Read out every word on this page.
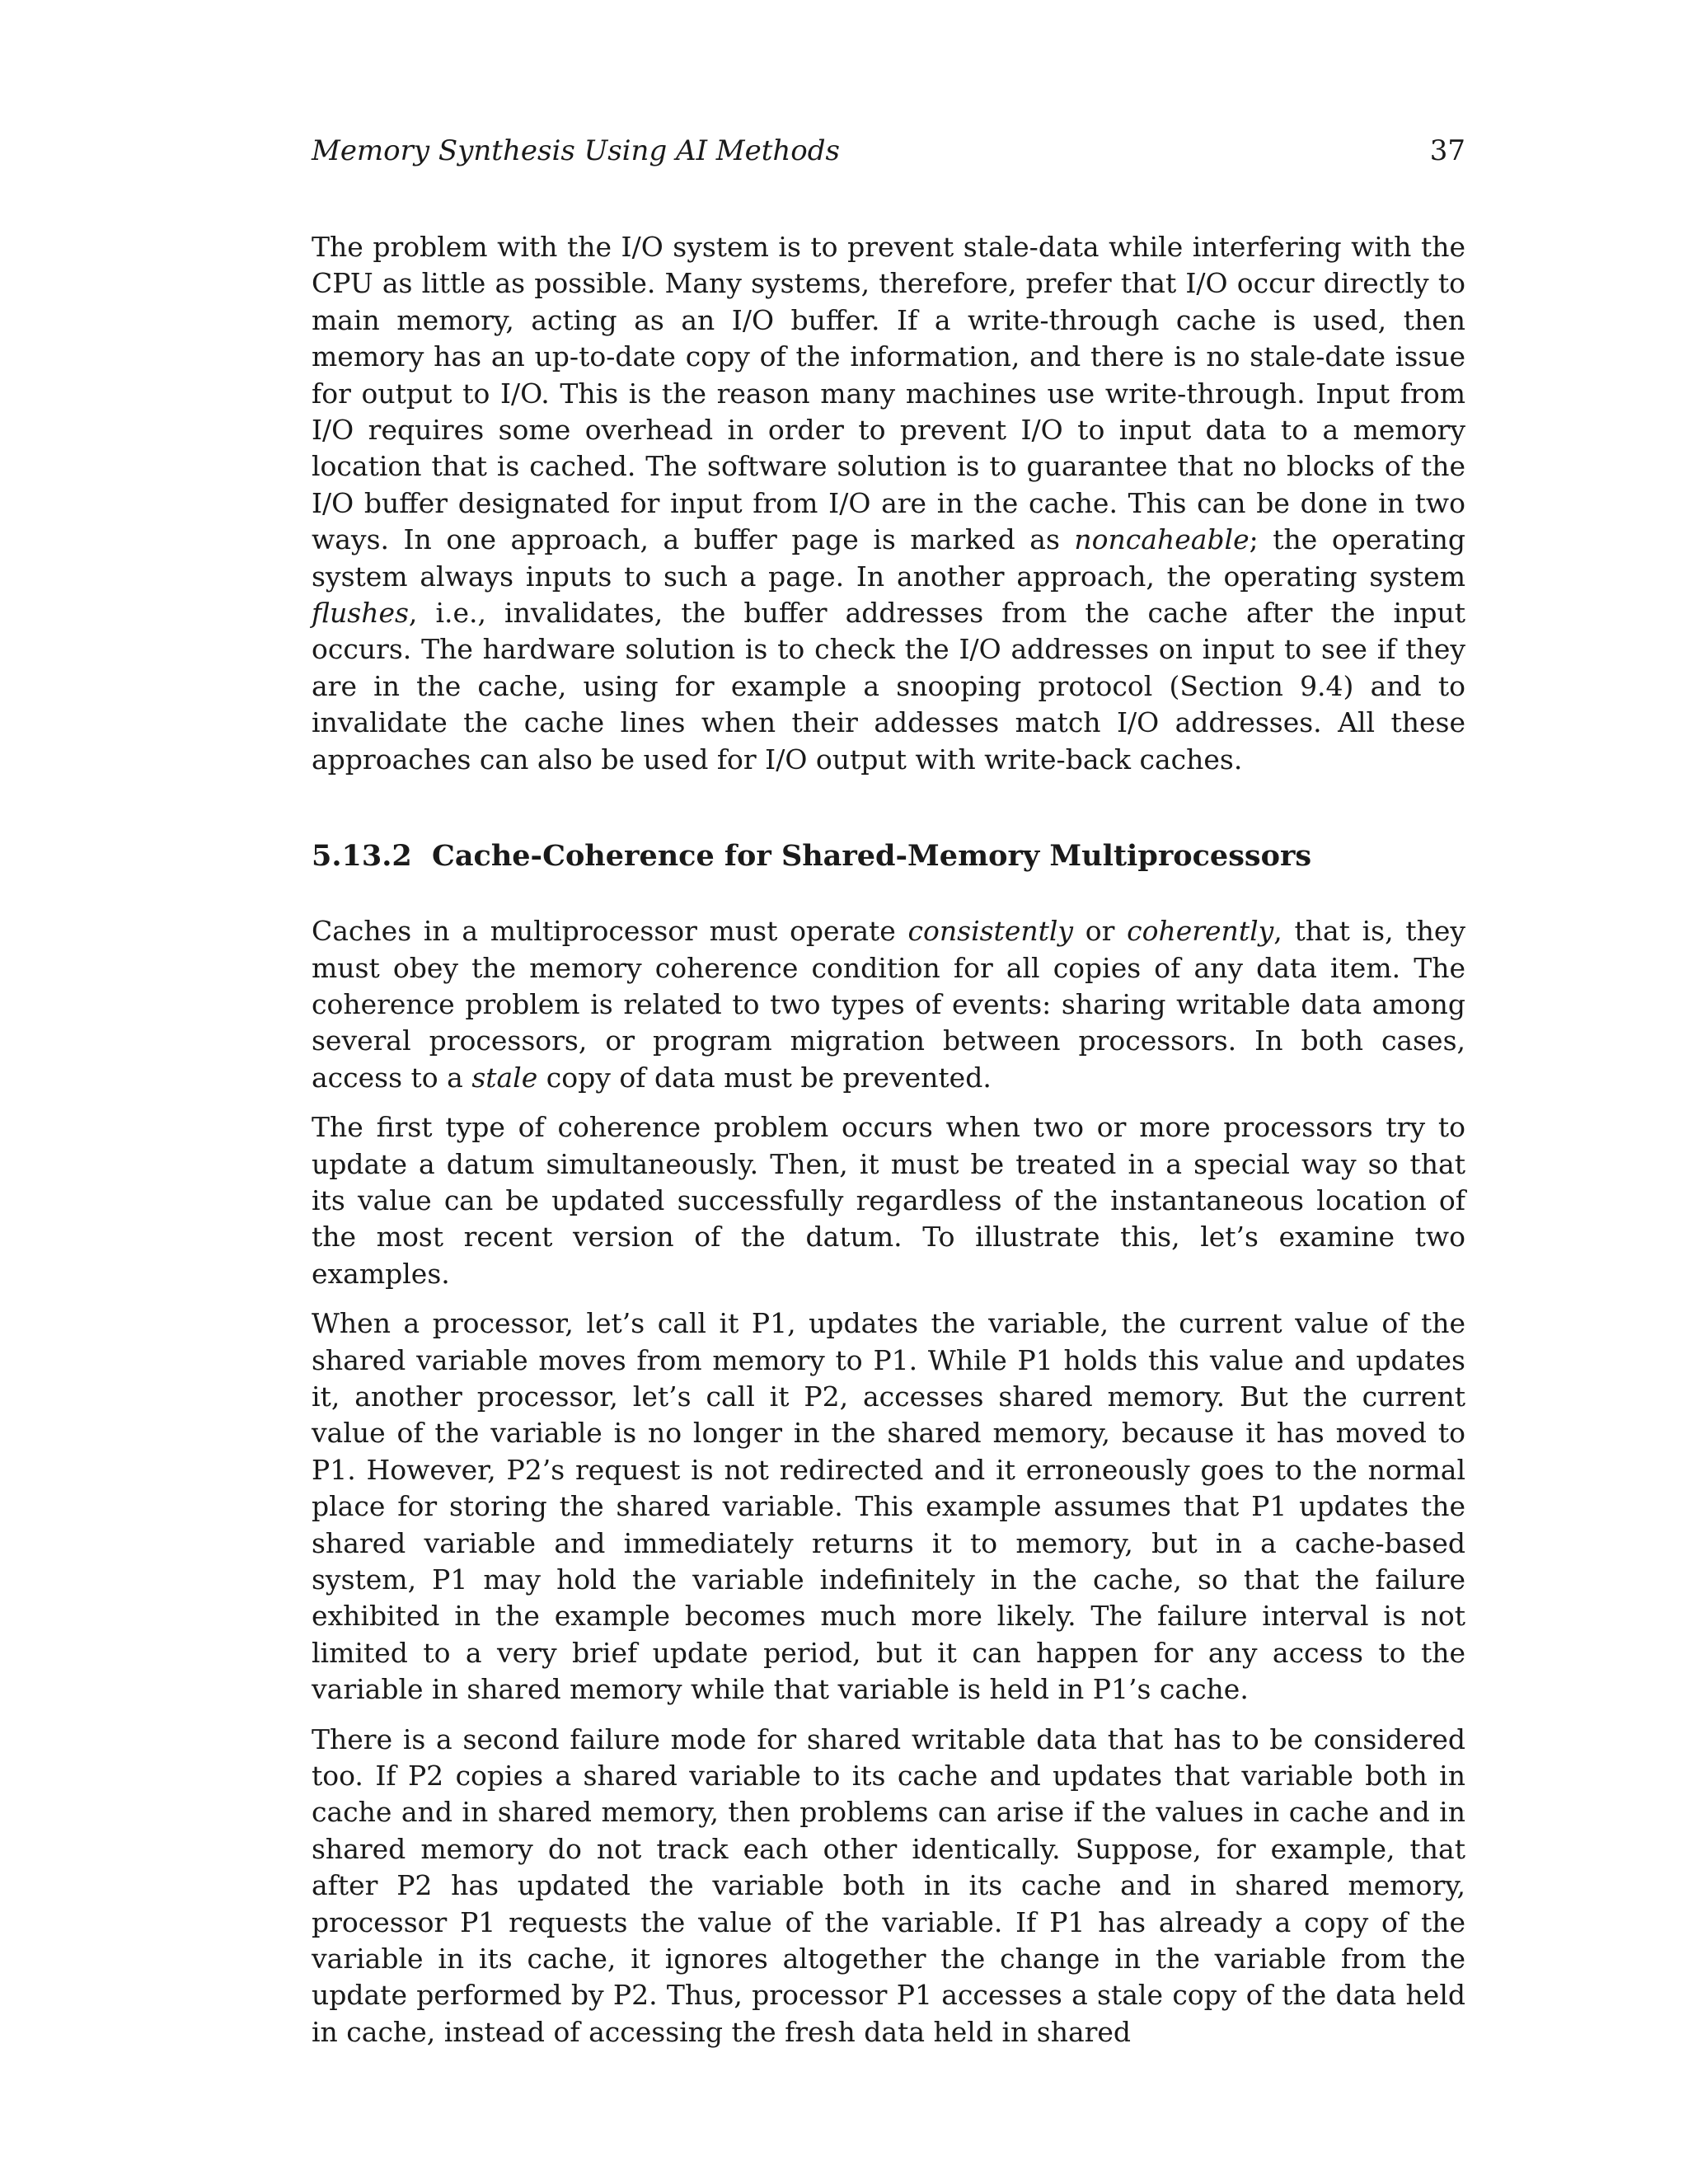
Memory Synthesis Using AI Methods	37

The problem with the I/O system is to prevent stale-data while interfering with the CPU as little as possible. Many systems, therefore, prefer that I/O occur directly to main memory, acting as an I/O buffer. If a write-through cache is used, then memory has an up-to-date copy of the information, and there is no stale-date issue for output to I/O. This is the reason many machines use write-through. Input from I/O requires some overhead in order to prevent I/O to input data to a memory location that is cached. The software solution is to guarantee that no blocks of the I/O buffer designated for input from I/O are in the cache. This can be done in two ways. In one approach, a buffer page is marked as noncaheable; the operating system always inputs to such a page. In another approach, the operating system flushes, i.e., invalidates, the buffer addresses from the cache after the input occurs. The hardware solution is to check the I/O addresses on input to see if they are in the cache, using for example a snooping protocol (Section 9.4) and to invalidate the cache lines when their addesses match I/O addresses. All these approaches can also be used for I/O output with write-back caches.

5.13.2 Cache-Coherence for Shared-Memory Multiprocessors

Caches in a multiprocessor must operate consistently or coherently, that is, they must obey the memory coherence condition for all copies of any data item. The coherence problem is related to two types of events: sharing writable data among several processors, or program migration between processors. In both cases, access to a stale copy of data must be prevented.

The first type of coherence problem occurs when two or more processors try to update a datum simultaneously. Then, it must be treated in a special way so that its value can be updated successfully regardless of the instantaneous location of the most recent version of the datum. To illustrate this, let’s examine two examples.

When a processor, let’s call it P1, updates the variable, the current value of the shared variable moves from memory to P1. While P1 holds this value and updates it, another processor, let’s call it P2, accesses shared memory. But the current value of the variable is no longer in the shared memory, because it has moved to P1. However, P2’s request is not redirected and it erroneously goes to the normal place for storing the shared variable. This example assumes that P1 updates the shared variable and immediately returns it to memory, but in a cache-based system, P1 may hold the variable indefinitely in the cache, so that the failure exhibited in the example becomes much more likely. The failure interval is not limited to a very brief update period, but it can happen for any access to the variable in shared memory while that variable is held in P1’s cache.

There is a second failure mode for shared writable data that has to be considered too. If P2 copies a shared variable to its cache and updates that variable both in cache and in shared memory, then problems can arise if the values in cache and in shared memory do not track each other identically. Suppose, for example, that after P2 has updated the variable both in its cache and in shared memory, processor P1 requests the value of the variable. If P1 has already a copy of the variable in its cache, it ignores altogether the change in the variable from the update performed by P2. Thus, processor P1 accesses a stale copy of the data held in cache, instead of accessing the fresh data held in shared
